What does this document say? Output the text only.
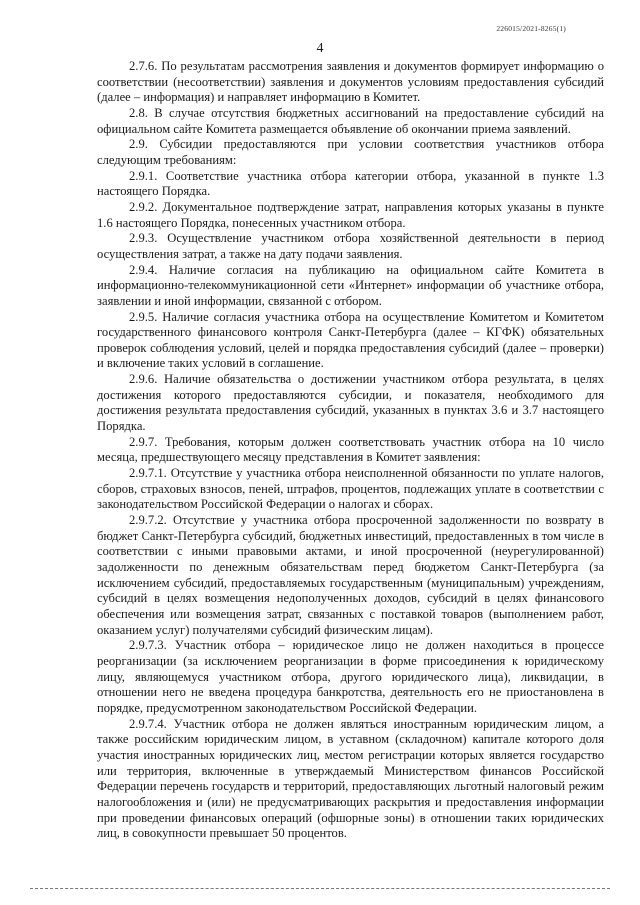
226015/2021-8265(1)
4

2.7.6. По результатам рассмотрения заявления и документов формирует информацию о соответствии (несоответствии) заявления и документов условиям предоставления субсидий (далее – информация) и направляет информацию в Комитет.

2.8. В случае отсутствия бюджетных ассигнований на предоставление субсидий на официальном сайте Комитета размещается объявление об окончании приема заявлений.

2.9. Субсидии предоставляются при условии соответствия участников отбора следующим требованиям:

2.9.1. Соответствие участника отбора категории отбора, указанной в пункте 1.3 настоящего Порядка.

2.9.2. Документальное подтверждение затрат, направления которых указаны в пункте 1.6 настоящего Порядка, понесенных участником отбора.

2.9.3. Осуществление участником отбора хозяйственной деятельности в период осуществления затрат, а также на дату подачи заявления.

2.9.4. Наличие согласия на публикацию на официальном сайте Комитета в информационно-телекоммуникационной сети «Интернет» информации об участнике отбора, заявлении и иной информации, связанной с отбором.

2.9.5. Наличие согласия участника отбора на осуществление Комитетом и Комитетом государственного финансового контроля Санкт-Петербурга (далее – КГФК) обязательных проверок соблюдения условий, целей и порядка предоставления субсидий (далее – проверки) и включение таких условий в соглашение.

2.9.6. Наличие обязательства о достижении участником отбора результата, в целях достижения которого предоставляются субсидии, и показателя, необходимого для достижения результата предоставления субсидий, указанных в пунктах 3.6 и 3.7 настоящего Порядка.

2.9.7. Требования, которым должен соответствовать участник отбора на 10 число месяца, предшествующего месяцу представления в Комитет заявления:

2.9.7.1. Отсутствие у участника отбора неисполненной обязанности по уплате налогов, сборов, страховых взносов, пеней, штрафов, процентов, подлежащих уплате в соответствии с законодательством Российской Федерации о налогах и сборах.

2.9.7.2. Отсутствие у участника отбора просроченной задолженности по возврату в бюджет Санкт-Петербурга субсидий, бюджетных инвестиций, предоставленных в том числе в соответствии с иными правовыми актами, и иной просроченной (неурегулированной) задолженности по денежным обязательствам перед бюджетом Санкт-Петербурга (за исключением субсидий, предоставляемых государственным (муниципальным) учреждениям, субсидий в целях возмещения недополученных доходов, субсидий в целях финансового обеспечения или возмещения затрат, связанных с поставкой товаров (выполнением работ, оказанием услуг) получателями субсидий физическим лицам).

2.9.7.3. Участник отбора – юридическое лицо не должен находиться в процессе реорганизации (за исключением реорганизации в форме присоединения к юридическому лицу, являющемуся участником отбора, другого юридического лица), ликвидации, в отношении него не введена процедура банкротства, деятельность его не приостановлена в порядке, предусмотренном законодательством Российской Федерации.

2.9.7.4. Участник отбора не должен являться иностранным юридическим лицом, а также российским юридическим лицом, в уставном (складочном) капитале которого доля участия иностранных юридических лиц, местом регистрации которых является государство или территория, включенные в утверждаемый Министерством финансов Российской Федерации перечень государств и территорий, предоставляющих льготный налоговый режим налогообложения и (или) не предусматривающих раскрытия и предоставления информации при проведении финансовых операций (офшорные зоны) в отношении таких юридических лиц, в совокупности превышает 50 процентов.
